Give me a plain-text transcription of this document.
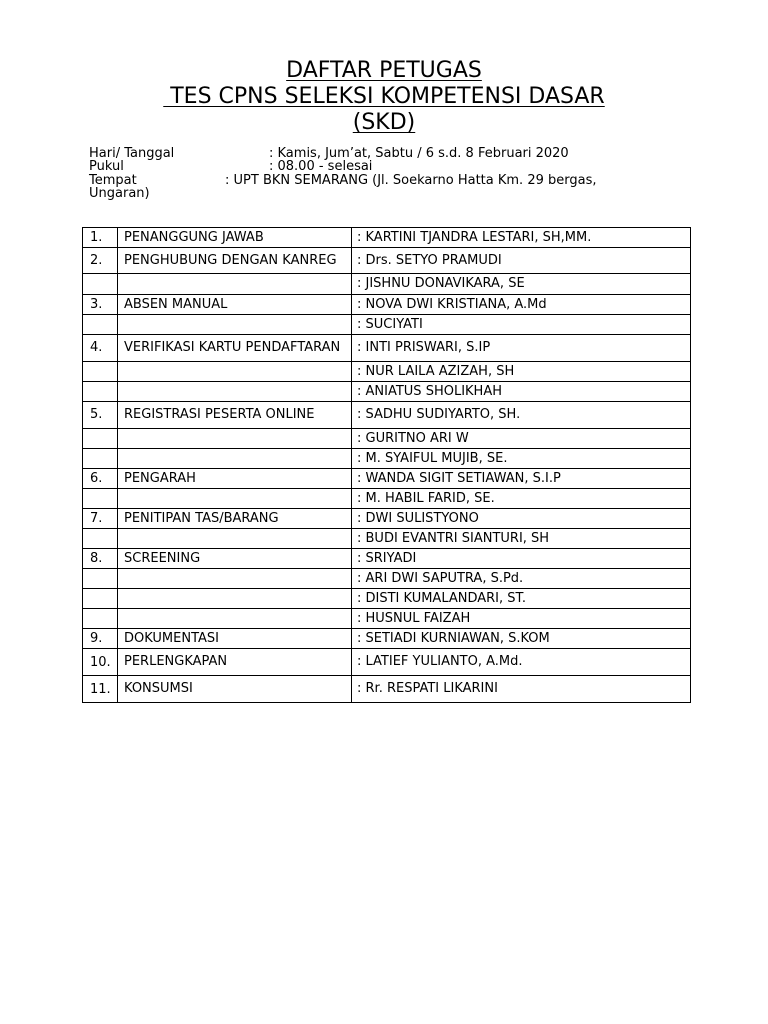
DAFTAR PETUGAS
TES CPNS SELEKSI KOMPETENSI DASAR
(SKD)
Hari/ Tanggal	: Kamis, Jum’at, Sabtu / 6 s.d. 8 Februari 2020
Pukul	: 08.00 - selesai
Tempat	: UPT BKN SEMARANG (Jl. Soekarno Hatta Km. 29 bergas,
Ungaran)
1.	PENANGGUNG JAWAB	: KARTINI TJANDRA LESTARI, SH,MM.
2.	PENGHUBUNG DENGAN KANREG	: Drs. SETYO PRAMUDI
		: JISHNU DONAVIKARA, SE
3.	ABSEN MANUAL	: NOVA DWI KRISTIANA, A.Md
		: SUCIYATI
4.	VERIFIKASI KARTU PENDAFTARAN	: INTI PRISWARI, S.IP
		: NUR LAILA AZIZAH, SH
		: ANIATUS SHOLIKHAH
5.	REGISTRASI PESERTA ONLINE	: SADHU SUDIYARTO, SH.
		: GURITNO ARI W
		: M. SYAIFUL MUJIB, SE.
6.	PENGARAH	: WANDA SIGIT SETIAWAN, S.I.P
		: M. HABIL FARID, SE.
7.	PENITIPAN TAS/BARANG	: DWI SULISTYONO
		: BUDI EVANTRI SIANTURI, SH
8.	SCREENING	: SRIYADI
		: ARI DWI SAPUTRA, S.Pd.
		: DISTI KUMALANDARI, ST.
		: HUSNUL FAIZAH
9.	DOKUMENTASI	: SETIADI KURNIAWAN, S.KOM
10.	PERLENGKAPAN	: LATIEF YULIANTO, A.Md.
11.	KONSUMSI	: Rr. RESPATI LIKARINI
